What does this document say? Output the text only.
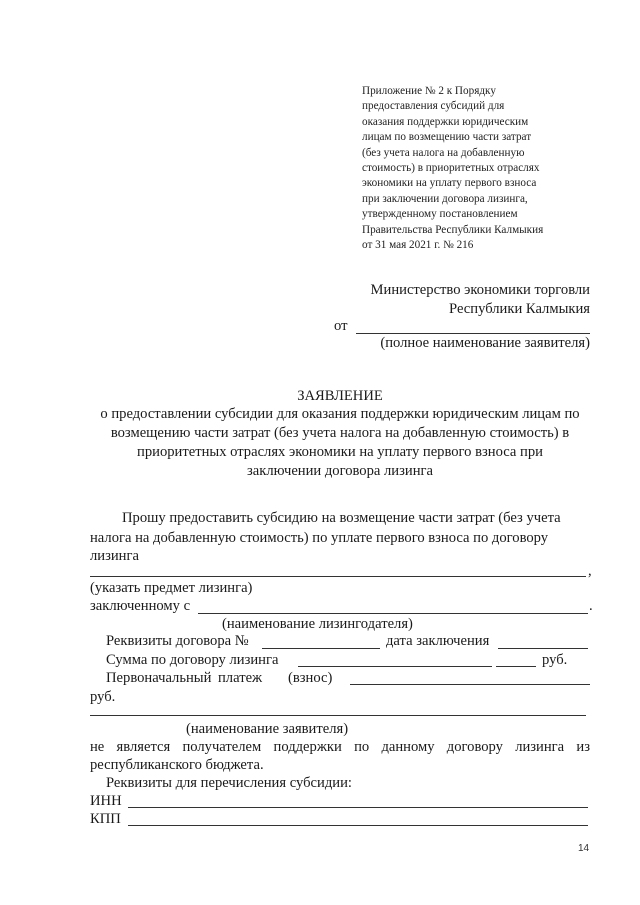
Приложение № 2 к Порядку
предоставления субсидий для
оказания поддержки юридическим
лицам по возмещению части затрат
(без учета налога на добавленную
стоимость) в приоритетных отраслях
экономики на уплату первого взноса
при заключении договора лизинга,
утвержденному постановлением
Правительства Республики Калмыкия
от 31 мая 2021 г. № 216
Министерство экономики торговли
Республики Калмыкия
от
(полное наименование заявителя)
ЗАЯВЛЕНИЕ
о предоставлении субсидии для оказания поддержки юридическим лицам по
возмещению части затрат (без учета налога на добавленную стоимость) в
приоритетных отраслях экономики на уплату первого взноса при
заключении договора лизинга
Прошу предоставить субсидию на возмещение части затрат (без учета
налога на добавленную стоимость) по уплате первого взноса по договору
лизинга
,
(указать предмет лизинга)
заключенному с	.
(наименование лизингодателя)
Реквизиты договора №	дата заключения
Сумма по договору лизинга	руб.
Первоначальный платеж (взнос)
руб.
(наименование заявителя)
не является получателем поддержки по данному договору лизинга из
республиканского бюджета.
Реквизиты для перечисления субсидии:
ИНН
КПП
14
